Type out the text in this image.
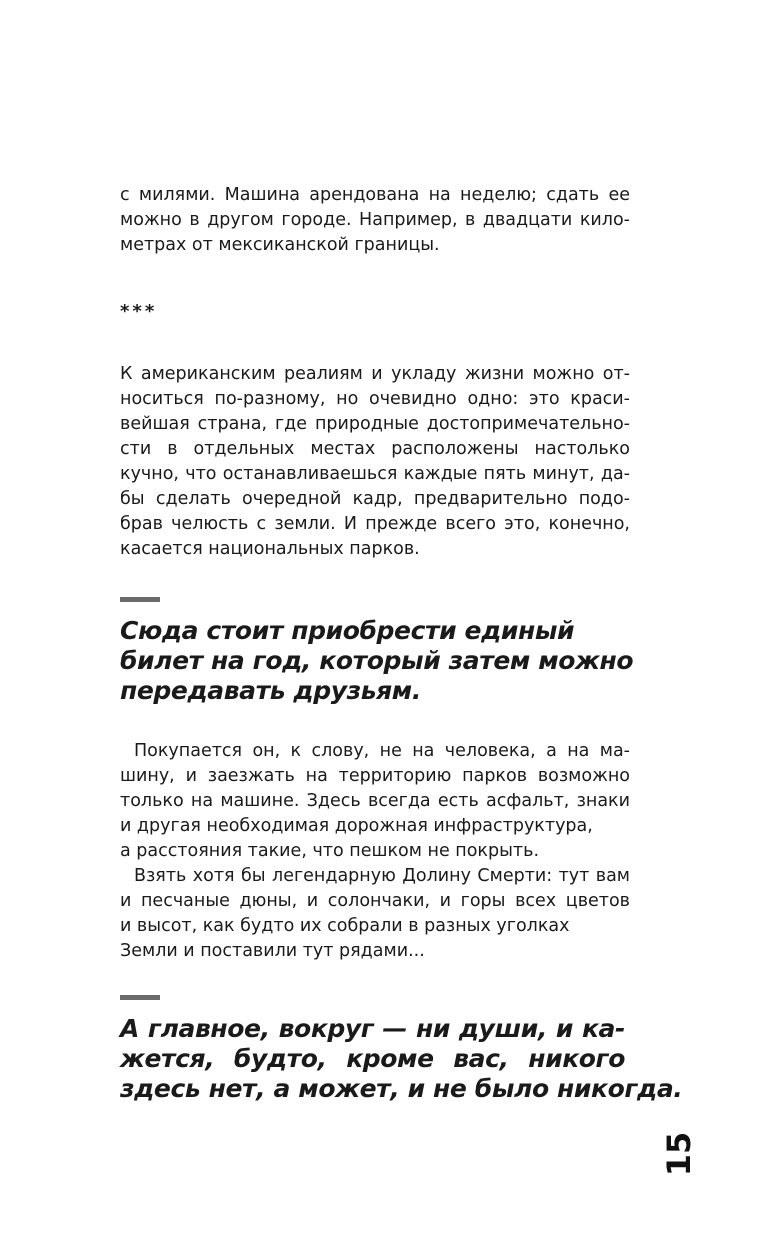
с милями. Машина арендована на неделю; сдать ее
можно в другом городе. Например, в двадцати кило-
метрах от мексиканской границы.
***
К американским реалиям и укладу жизни можно от-
носиться по-разному, но очевидно одно: это краси-
вейшая страна, где природные достопримечательно-
сти в отдельных местах расположены настолько
кучно, что останавливаешься каждые пять минут, да-
бы сделать очередной кадр, предварительно подо-
брав челюсть с земли. И прежде всего это, конечно,
касается национальных парков.
Сюда стоит приобрести единый
билет на год, который затем можно
передавать друзьям.
Покупается он, к слову, не на человека, а на ма-
шину, и заезжать на территорию парков возможно
только на машине. Здесь всегда есть асфальт, знаки
и другая необходимая дорожная инфраструктура,
а расстояния такие, что пешком не покрыть.
Взять хотя бы легендарную Долину Смерти: тут вам
и песчаные дюны, и солончаки, и горы всех цветов
и высот, как будто их собрали в разных уголках
Земли и поставили тут рядами...
А главное, вокруг — ни души, и ка-
жется, будто, кроме вас, никого
здесь нет, а может, и не было никогда.
15
